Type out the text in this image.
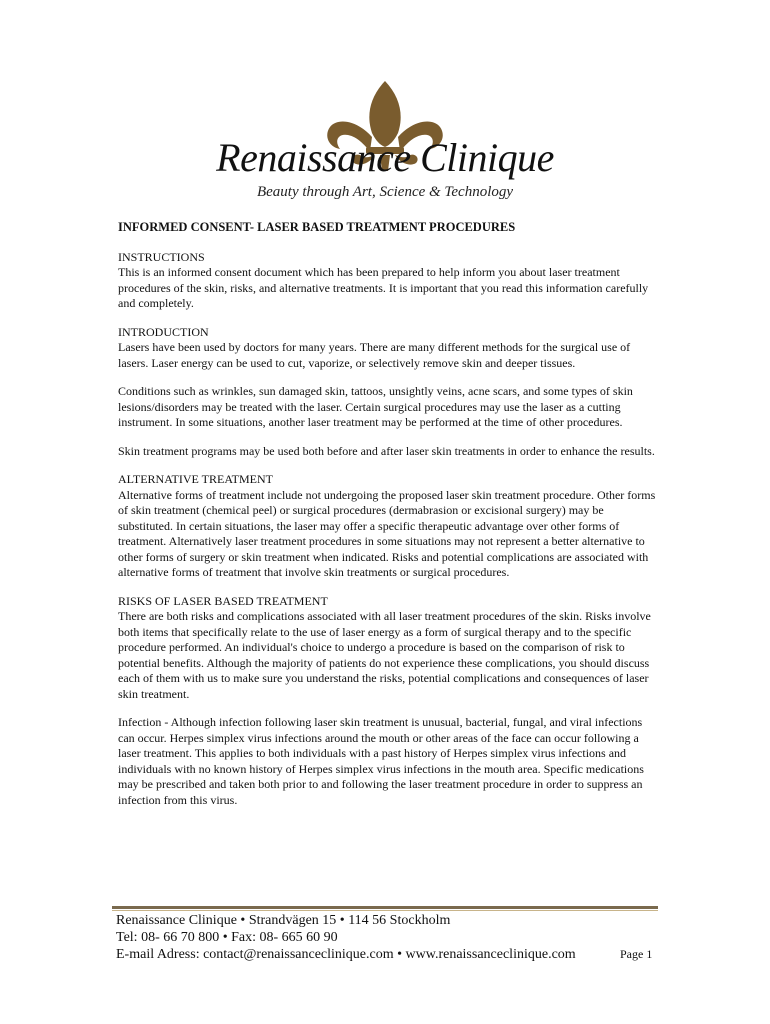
Renaissance Clinique
Beauty through Art, Science & Technology
INFORMED CONSENT- LASER BASED TREATMENT PROCEDURES
INSTRUCTIONS

This is an informed consent document which has been prepared to help inform you about laser treatment procedures of the skin, risks, and alternative treatments. It is important that you read this information carefully and completely.

INTRODUCTION

Lasers have been used by doctors for many years. There are many different methods for the surgical use of lasers. Laser energy can be used to cut, vaporize, or selectively remove skin and deeper tissues.

Conditions such as wrinkles, sun damaged skin, tattoos, unsightly veins, acne scars, and some types of skin lesions/disorders may be treated with the laser. Certain surgical procedures may use the laser as a cutting instrument. In some situations, another laser treatment may be performed at the time of other procedures.

Skin treatment programs may be used both before and after laser skin treatments in order to enhance the results.

ALTERNATIVE TREATMENT

Alternative forms of treatment include not undergoing the proposed laser skin treatment procedure. Other forms of skin treatment (chemical peel) or surgical procedures (dermabrasion or excisional surgery) may be substituted. In certain situations, the laser may offer a specific therapeutic advantage over other forms of treatment. Alternatively laser treatment procedures in some situations may not represent a better alternative to other forms of surgery or skin treatment when indicated. Risks and potential complications are associated with alternative forms of treatment that involve skin treatments or surgical procedures.

RISKS OF LASER BASED TREATMENT

There are both risks and complications associated with all laser treatment procedures of the skin. Risks involve both items that specifically relate to the use of laser energy as a form of surgical therapy and to the specific procedure performed. An individual's choice to undergo a procedure is based on the comparison of risk to potential benefits. Although the majority of patients do not experience these complications, you should discuss each of them with us to make sure you understand the risks, potential complications and consequences of laser skin treatment.

Infection - Although infection following laser skin treatment is unusual, bacterial, fungal, and viral infections can occur. Herpes simplex virus infections around the mouth or other areas of the face can occur following a laser treatment. This applies to both individuals with a past history of Herpes simplex virus infections and individuals with no known history of Herpes simplex virus infections in the mouth area. Specific medications may be prescribed and taken both prior to and following the laser treatment procedure in order to suppress an infection from this virus.

Renaissance Clinique • Strandvägen 15 • 114 56 Stockholm
Tel: 08- 66 70 800 • Fax: 08- 665 60 90
E-mail Adress: contact@renaissanceclinique.com • www.renaissanceclinique.com	Page 1
